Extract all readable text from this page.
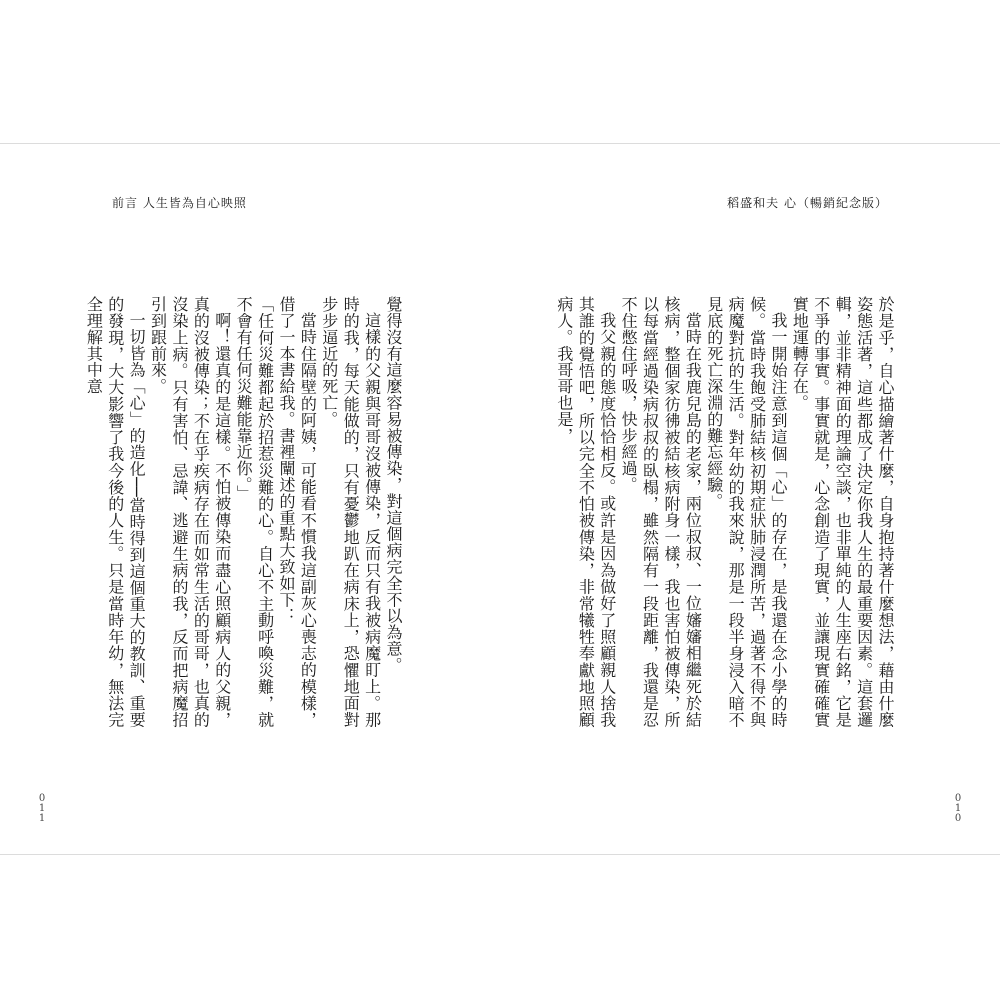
前言 人生皆為自心映照

覺得沒有這麼容易被傳染，對這個病完全不以為意。

這樣的父親與哥哥沒被傳染，反而只有我被病魔盯上。那時的我，每天能做的，只有憂鬱地趴在病床上，恐懼地面對步步逼近的死亡。

當時住隔壁的阿姨，可能看不慣我這副灰心喪志的模樣，借了一本書給我。書裡闡述的重點大致如下：

「任何災難都起於招惹災難的心。自心不主動呼喚災難，就不會有任何災難能靠近你。」

啊！還真的是這樣。不怕被傳染而盡心照顧病人的父親，真的沒被傳染；不在乎疾病存在而如常生活的哥哥，也真的沒染上病。只有害怕、忌諱、逃避生病的我，反而把病魔招引到跟前來。

一切皆為「心」的造化──當時得到這個重大的教訓、重要的發現，大大影響了我今後的人生。只是當時年幼，無法完全理解其中意

0
1
1
稻盛和夫 心（暢銷紀念版）

於是乎，自心描繪著什麼，自身抱持著什麼想法，藉由什麼姿態活著，這些都成了決定你我人生的最重要因素。這套邏輯，並非精神面的理論空談，也非單純的人生座右銘，它是不爭的事實。事實就是，心念創造了現實，並讓現實確確實實地運轉存在。

我一開始注意到這個「心」的存在，是我還在念小學的時候。當時我飽受肺結核初期症狀肺浸潤所苦，過著不得不與病魔對抗的生活。對年幼的我來說，那是一段半身浸入暗不見底的死亡深淵的難忘經驗。

當時在我鹿兒島的老家，兩位叔叔、一位嬸嬸相繼死於結核病，整個家彷彿被結核病附身一樣，我也害怕被傳染，所以每當經過染病叔叔的臥榻，雖然隔有一段距離，我還是忍不住憋住呼吸，快步經過。

我父親的態度恰恰相反。或許是因為做好了照顧親人捨我其誰的覺悟吧，所以完全不怕被傳染，非常犧牲奉獻地照顧病人。我哥哥也是，

0
1
0
